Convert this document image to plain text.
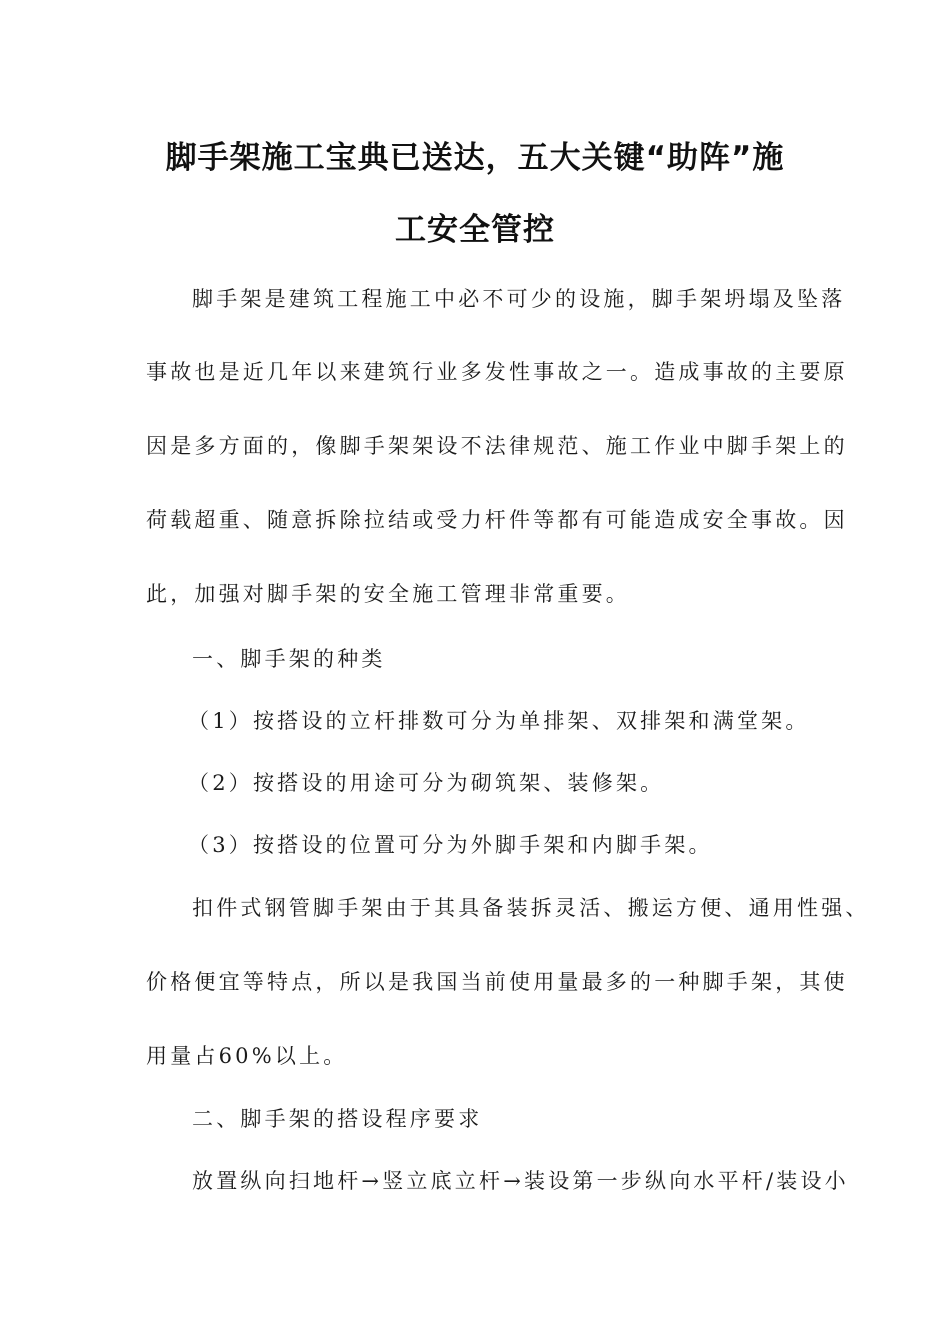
脚手架施工宝典已送达，五大关键“助阵”施
工安全管控
脚手架是建筑工程施工中必不可少的设施，脚手架坍塌及坠落
事故也是近几年以来建筑行业多发性事故之一。造成事故的主要原
因是多方面的，像脚手架架设不法律规范、施工作业中脚手架上的
荷载超重、随意拆除拉结或受力杆件等都有可能造成安全事故。因
此，加强对脚手架的安全施工管理非常重要。
一、脚手架的种类
（1）按搭设的立杆排数可分为单排架、双排架和满堂架。
（2）按搭设的用途可分为砌筑架、装修架。
（3）按搭设的位置可分为外脚手架和内脚手架。
扣件式钢管脚手架由于其具备装拆灵活、搬运方便、通用性强、
价格便宜等特点，所以是我国当前使用量最多的一种脚手架，其使
用量占60%以上。
二、脚手架的搭设程序要求
放置纵向扫地杆→竖立底立杆→装设第一步纵向水平杆/装设小
